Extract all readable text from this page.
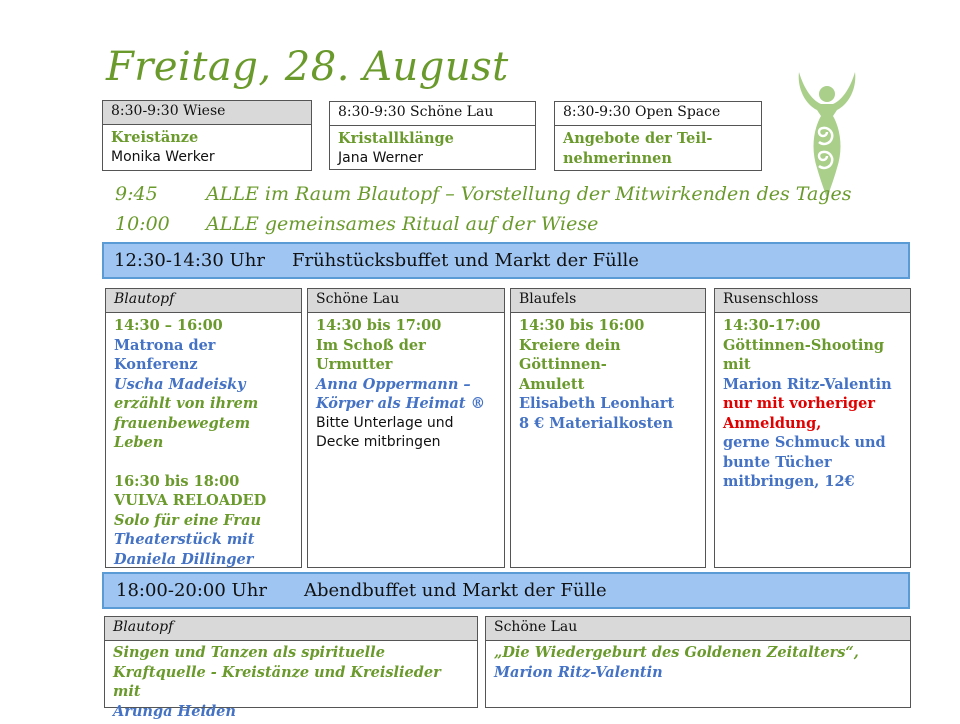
Freitag, 28. August
8:30-9:30 Wiese
Kreistänze
Monika Werker
8:30-9:30 Schöne Lau
Kristallklänge
Jana Werner
8:30-9:30 Open Space
Angebote der Teil-
nehmerinnen
9:45	ALLE im Raum Blautopf – Vorstellung der Mitwirkenden des Tages
10:00 ALLE gemeinsames Ritual auf der Wiese
12:30-14:30 Uhr	Frühstücksbuffet und Markt der Fülle
Blautopf
14:30 – 16:00
Matrona der
Konferenz
Uscha Madeisky
erzählt von ihrem
frauenbewegtem Leben
16:30 bis 18:00
VULVA RELOADED
Solo für eine Frau
Theaterstück mit
Daniela Dillinger
Schöne Lau
14:30 bis 17:00
Im Schoß der
Urmutter
Anna Oppermann –
Körper als Heimat ®
Bitte Unterlage und
Decke mitbringen
Blaufels
14:30 bis 16:00
Kreiere dein Göttinnen-
Amulett
Elisabeth Leonhart
8 € Materialkosten
Rusenschloss
14:30-17:00
Göttinnen-Shooting
mit
Marion Ritz-Valentin
nur mit vorheriger
Anmeldung,
gerne Schmuck und
bunte Tücher
mitbringen, 12€
18:00-20:00 Uhr	Abendbuffet und Markt der Fülle
Blautopf
Singen und Tanzen als spirituelle
Kraftquelle - Kreistänze und Kreislieder mit
Arunga Heiden
Schöne Lau
„Die Wiedergeburt des Goldenen Zeitalters“,
Marion Ritz-Valentin
